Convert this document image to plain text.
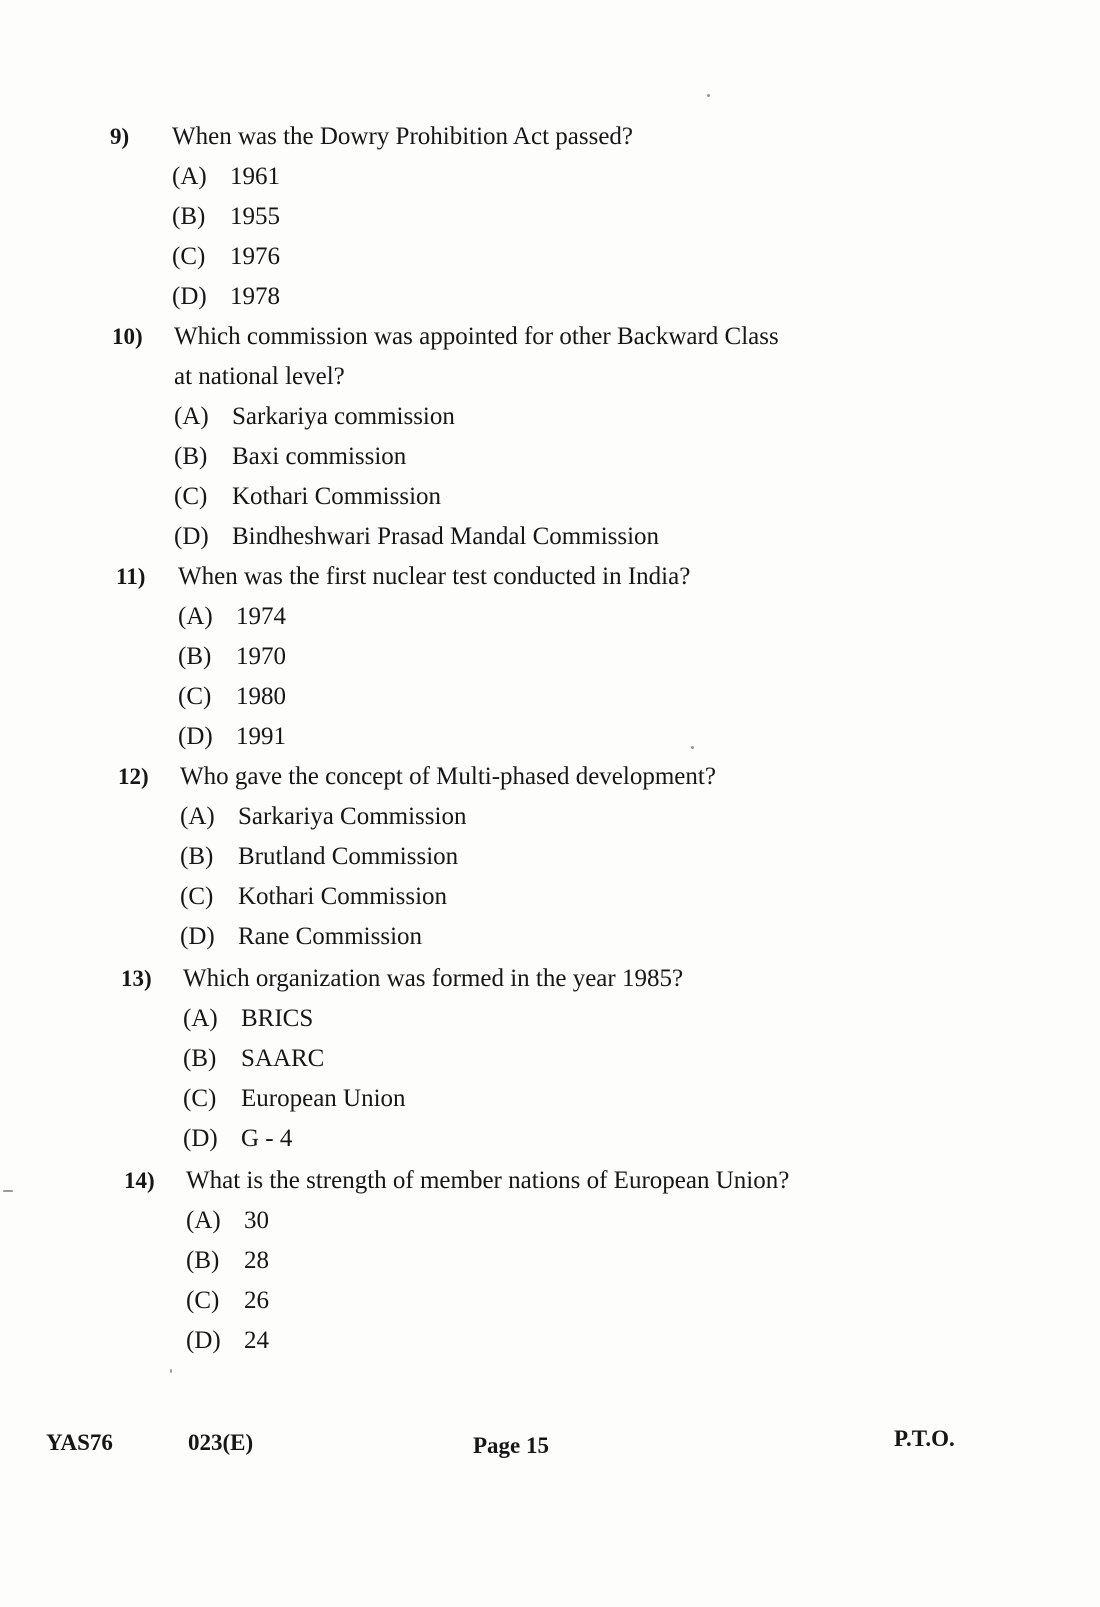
9) When was the Dowry Prohibition Act passed?
(A) 1961
(B) 1955
(C) 1976
(D) 1978
10) Which commission was appointed for other Backward Class
at national level?
(A) Sarkariya commission
(B) Baxi commission
(C) Kothari Commission
(D) Bindheshwari Prasad Mandal Commission
11) When was the first nuclear test conducted in India?
(A) 1974
(B) 1970
(C) 1980
(D) 1991
12) Who gave the concept of Multi-phased development?
(A) Sarkariya Commission
(B) Brutland Commission
(C) Kothari Commission
(D) Rane Commission
13) Which organization was formed in the year 1985?
(A) BRICS
(B) SAARC
(C) European Union
(D) G - 4
14) What is the strength of member nations of European Union?
(A) 30
(B) 28
(C) 26
(D) 24
YAS76	023(E)	Page 15	P.T.O.
